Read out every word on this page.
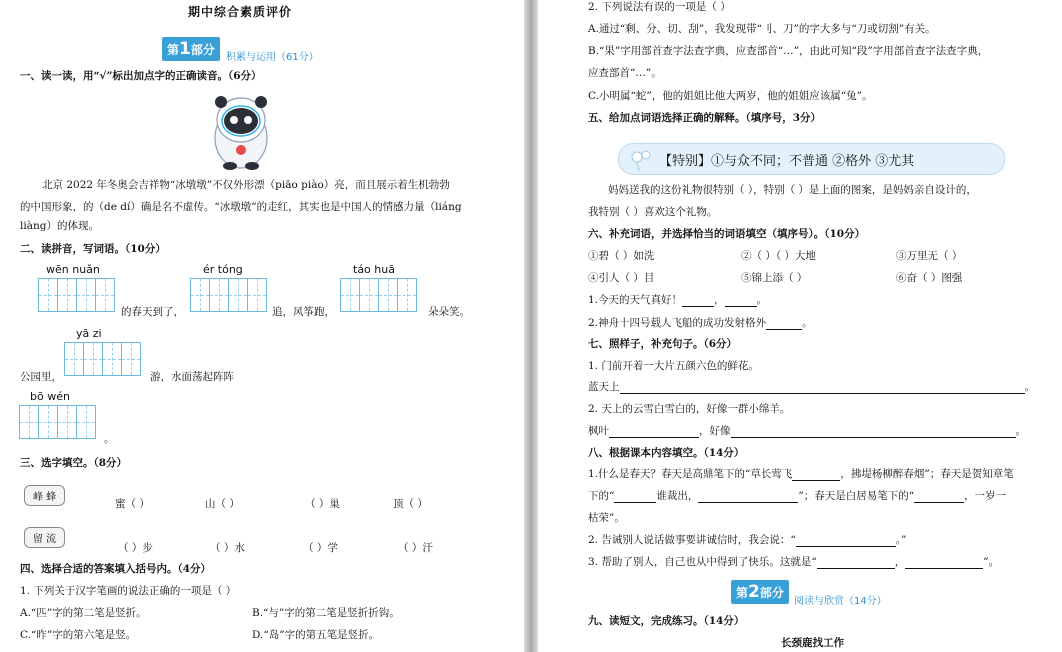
期中综合素质评价
第1部分
积累与运用（61分）
一、读一读，用“√”标出加点字的正确读音。（6分）
北京 2022 年冬奥会吉祥物“冰墩墩”不仅外形漂（piāo piào）亮，而且展示着生机勃勃
的中国形象，的（de dí）确是名不虚传。“冰墩墩”的走红，其实也是中国人的情感力量（liáng
liàng）的体现。
二、读拼音，写词语。（10分）
wēn nuǎn	ér tóng	táo huā
的春天到了，	追，风筝跑，	朵朵笑。
yā zi
公园里，	游，水面荡起阵阵
bō wén
。
三、选字填空。（8分）
峰 蜂
蜜（ ）	山（ ）	（ ）巢	顶（ ）
留 流
（ ）步	（ ）水	（ ）学	（ ）汗
四、选择合适的答案填入括号内。（4分）
1. 下列关于汉字笔画的说法正确的一项是（ ）
A.“匹”字的第二笔是竖折。	B.“与”字的第二笔是竖折折钩。
C.“昨”字的第六笔是竖。	D.“岛”字的第五笔是竖折。
2. 下列说法有误的一项是（ ）
A.通过“剩、分、切、刮”，我发现带“刂、刀”的字大多与“刀或切割”有关。
B.“果”字用部首查字法查字典，应查部首“…”，由此可知“段”字用部首查字法查字典，
应查部首“…”。
C.小明属“蛇”，他的姐姐比他大两岁，他的姐姐应该属“兔”。
五、给加点词语选择正确的解释。（填序号，3分）
【特别】①与众不同；不普通 ②格外 ③尤其
妈妈送我的这份礼物很特别（ ），特别（ ）是上面的图案，是妈妈亲自设计的，
我特别（ ）喜欢这个礼物。
六、补充词语，并选择恰当的词语填空（填序号）。（10分）
①碧（ ）如洗	②（ ）（ ）大地	③万里无（ ）
④引人（ ）目	⑤锦上添（ ）	⑥奋（ ）图强
1.今天的天气真好！	，	。
2.神舟十四号载人飞船的成功发射格外	。
七、照样子，补充句子。（6分）
1. 门前开着一大片五颜六色的鲜花。
蓝天上	。
2. 天上的云雪白雪白的，好像一群小绵羊。
枫叶	，好像	。
八、根据课本内容填空。（14分）
1.什么是春天？春天是高鼎笔下的“草长莺飞	，拂堤杨柳醉春烟”；春天是贺知章笔
下的“	谁裁出，	”；春天是白居易笔下的“	，一岁一
枯荣”。
2. 告诫别人说话做事要讲诚信时，我会说：“	。”
3. 帮助了别人，自己也从中得到了快乐。这就是“	，	”。
第2部分
阅读与欣赏（14分）
九、读短文，完成练习。（14分）
长颈鹿找工作
